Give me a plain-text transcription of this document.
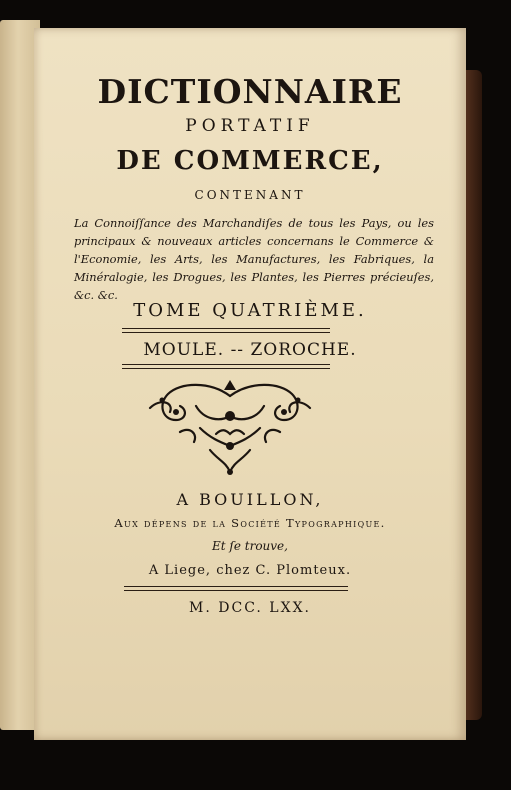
DICTIONNAIRE
PORTATIF
DE COMMERCE,
CONTENANT
La Connoiſſance des Marchandiſes de tous les Pays, ou les principaux & nouveaux articles concernans le Commerce & l'Economie, les Arts, les Manufactures, les Fabriques, la Minéralogie, les Drogues, les Plantes, les Pierres précieuſes, &c. &c.
TOME QUATRIÈME.
MOULE. -- ZOROCHE.
A BOUILLON,
Aux dépens de la Société Typographique.
Et ſe trouve,
A Liege, chez C. Plomteux.
M. DCC. LXX.
